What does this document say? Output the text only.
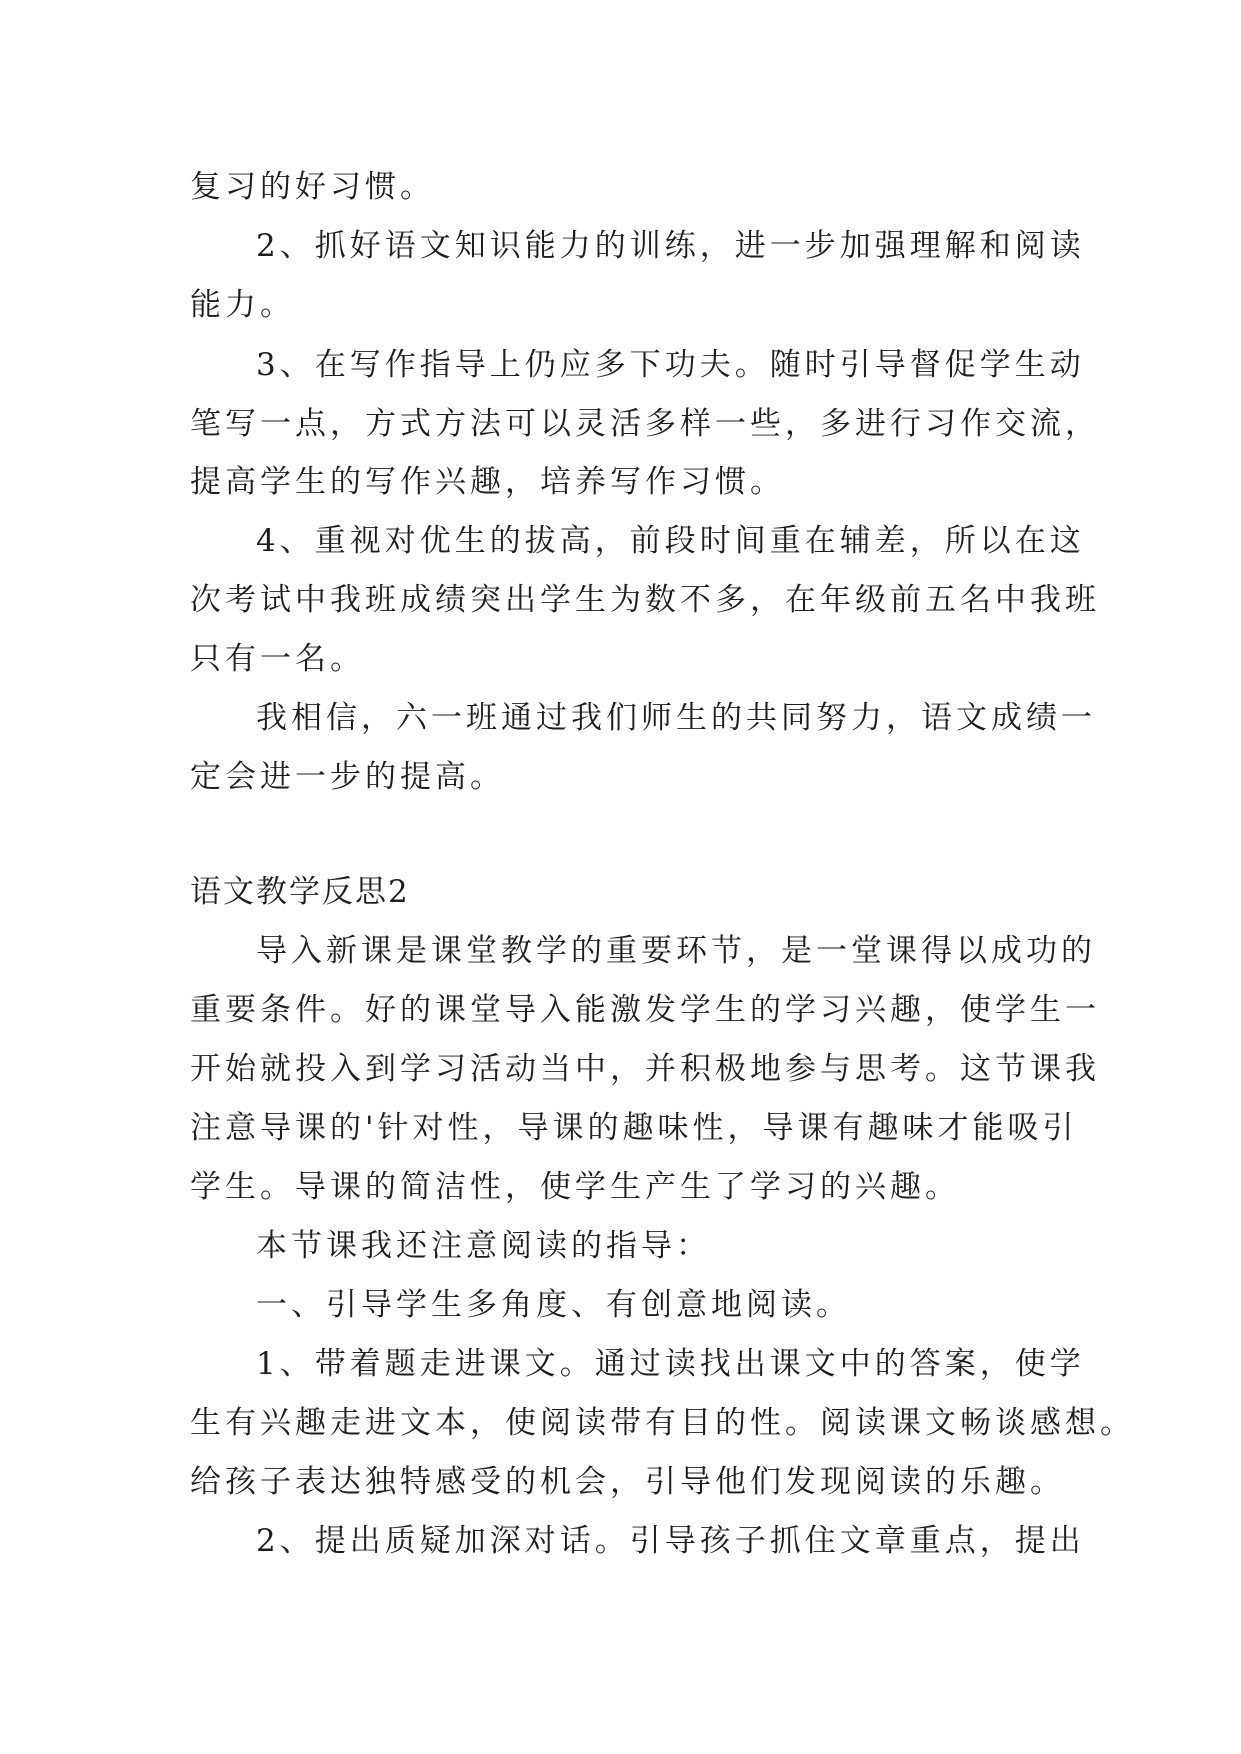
复习的好习惯。
2、抓好语文知识能力的训练，进一步加强理解和阅读
能力。
3、在写作指导上仍应多下功夫。随时引导督促学生动
笔写一点，方式方法可以灵活多样一些，多进行习作交流，
提高学生的写作兴趣，培养写作习惯。
4、重视对优生的拔高，前段时间重在辅差，所以在这
次考试中我班成绩突出学生为数不多，在年级前五名中我班
只有一名。
我相信，六一班通过我们师生的共同努力，语文成绩一
定会进一步的提高。
语文教学反思2
导入新课是课堂教学的重要环节，是一堂课得以成功的
重要条件。好的课堂导入能激发学生的学习兴趣，使学生一
开始就投入到学习活动当中，并积极地参与思考。这节课我
注意导课的'针对性，导课的趣味性，导课有趣味才能吸引
学生。导课的简洁性，使学生产生了学习的兴趣。
本节课我还注意阅读的指导：
一、引导学生多角度、有创意地阅读。
1、带着题走进课文。通过读找出课文中的答案，使学
生有兴趣走进文本，使阅读带有目的性。阅读课文畅谈感想。
给孩子表达独特感受的机会，引导他们发现阅读的乐趣。
2、提出质疑加深对话。引导孩子抓住文章重点，提出
